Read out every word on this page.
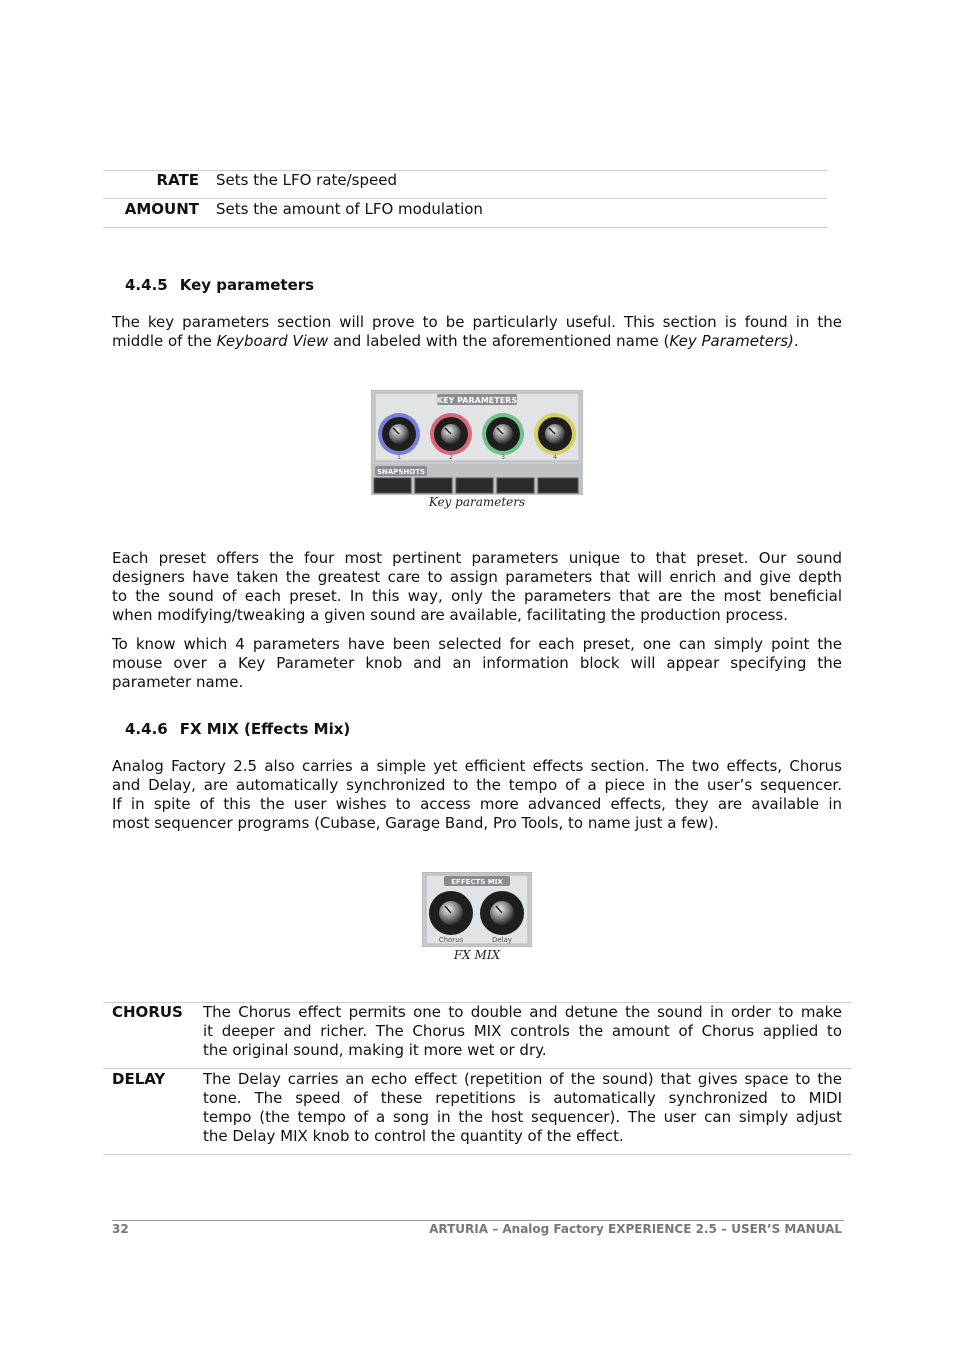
RATE Sets the LFO rate/speed
AMOUNT Sets the amount of LFO modulation
4.4.5 Key parameters
The key parameters section will prove to be particularly useful. This section is found in the
middle of the Keyboard View and labeled with the aforementioned name (Key Parameters).
KEY PARAMETERS
1	2	3	4
SNAPSHOTS
Key parameters
Each preset offers the four most pertinent parameters unique to that preset. Our sound
designers have taken the greatest care to assign parameters that will enrich and give depth
to the sound of each preset. In this way, only the parameters that are the most beneficial
when modifying/tweaking a given sound are available, facilitating the production process.
To know which 4 parameters have been selected for each preset, one can simply point the
mouse over a Key Parameter knob and an information block will appear specifying the
parameter name.
4.4.6 FX MIX (Effects Mix)
Analog Factory 2.5 also carries a simple yet efficient effects section. The two effects, Chorus
and Delay, are automatically synchronized to the tempo of a piece in the user’s sequencer.
If in spite of this the user wishes to access more advanced effects, they are available in
most sequencer programs (Cubase, Garage Band, Pro Tools, to name just a few).
EFFECTS MIX
Chorus	Delay
FX MIX
CHORUS The Chorus effect permits one to double and detune the sound in order to make
it deeper and richer. The Chorus MIX controls the amount of Chorus applied to
the original sound, making it more wet or dry.
DELAY	The Delay carries an echo effect (repetition of the sound) that gives space to the
tone. The speed of these repetitions is automatically synchronized to MIDI
tempo (the tempo of a song in the host sequencer). The user can simply adjust
the Delay MIX knob to control the quantity of the effect.
32	ARTURIA – Analog Factory EXPERIENCE 2.5 – USER’S MANUAL
